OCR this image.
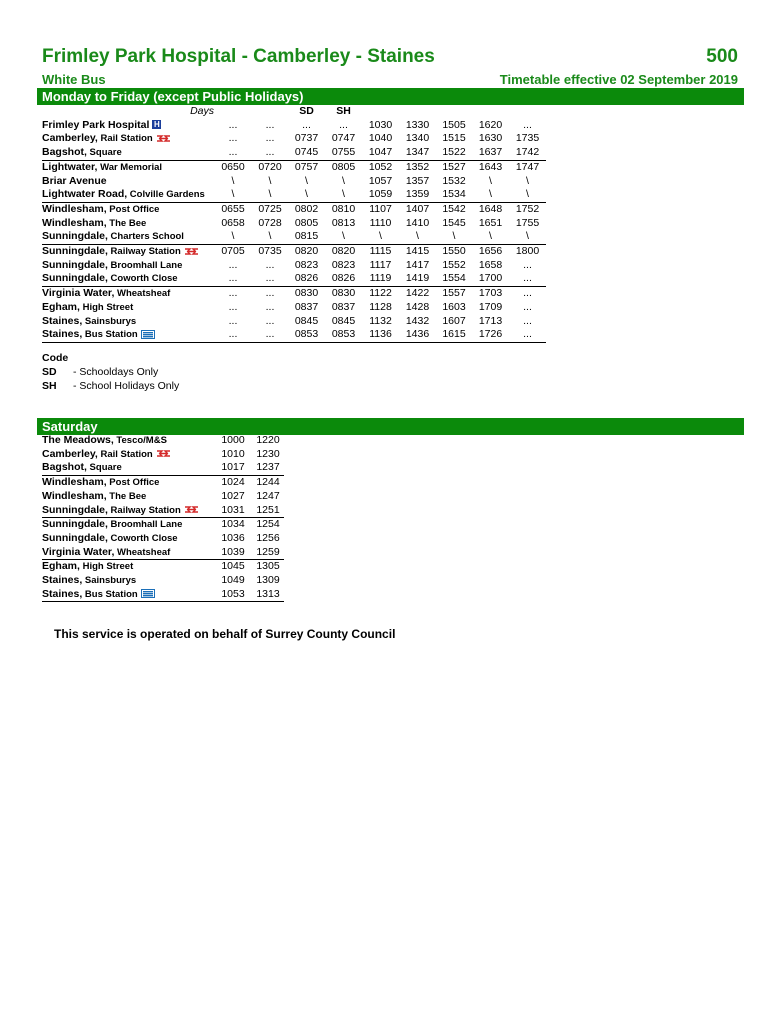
Frimley Park Hospital - Camberley - Staines	500
White Bus	Timetable effective 02 September 2019
Monday to Friday (except Public Holidays)
Days			SD	SH					
Frimley Park Hospital H	...	...	...	...	1030	1330	1505	1620	...
Camberley, Rail Station	...	...	0737	0747	1040	1340	1515	1630	1735
Bagshot, Square	...	...	0745	0755	1047	1347	1522	1637	1742
Lightwater, War Memorial	0650	0720	0757	0805	1052	1352	1527	1643	1747
Briar Avenue	\	\	\	\	1057	1357	1532	\	\
Lightwater Road, Colville Gardens	\	\	\	\	1059	1359	1534	\	\
Windlesham, Post Office	0655	0725	0802	0810	1107	1407	1542	1648	1752
Windlesham, The Bee	0658	0728	0805	0813	1110	1410	1545	1651	1755
Sunningdale, Charters School	\	\	0815	\	\	\	\	\	\
Sunningdale, Railway Station	0705	0735	0820	0820	1115	1415	1550	1656	1800
Sunningdale, Broomhall Lane	...	...	0823	0823	1117	1417	1552	1658	...
Sunningdale, Coworth Close	...	...	0826	0826	1119	1419	1554	1700	...
Virginia Water, Wheatsheaf	...	...	0830	0830	1122	1422	1557	1703	...
Egham, High Street	...	...	0837	0837	1128	1428	1603	1709	...
Staines, Sainsburys	...	...	0845	0845	1132	1432	1607	1713	...
Staines, Bus Station	...	...	0853	0853	1136	1436	1615	1726	...
Code
SD - Schooldays Only
SH - School Holidays Only
Saturday
The Meadows, Tesco/M&S	1000	1220
Camberley, Rail Station	1010	1230
Bagshot, Square	1017	1237
Windlesham, Post Office	1024	1244
Windlesham, The Bee	1027	1247
Sunningdale, Railway Station	1031	1251
Sunningdale, Broomhall Lane	1034	1254
Sunningdale, Coworth Close	1036	1256
Virginia Water, Wheatsheaf	1039	1259
Egham, High Street	1045	1305
Staines, Sainsburys	1049	1309
Staines, Bus Station	1053	1313
This service is operated on behalf of Surrey County Council
